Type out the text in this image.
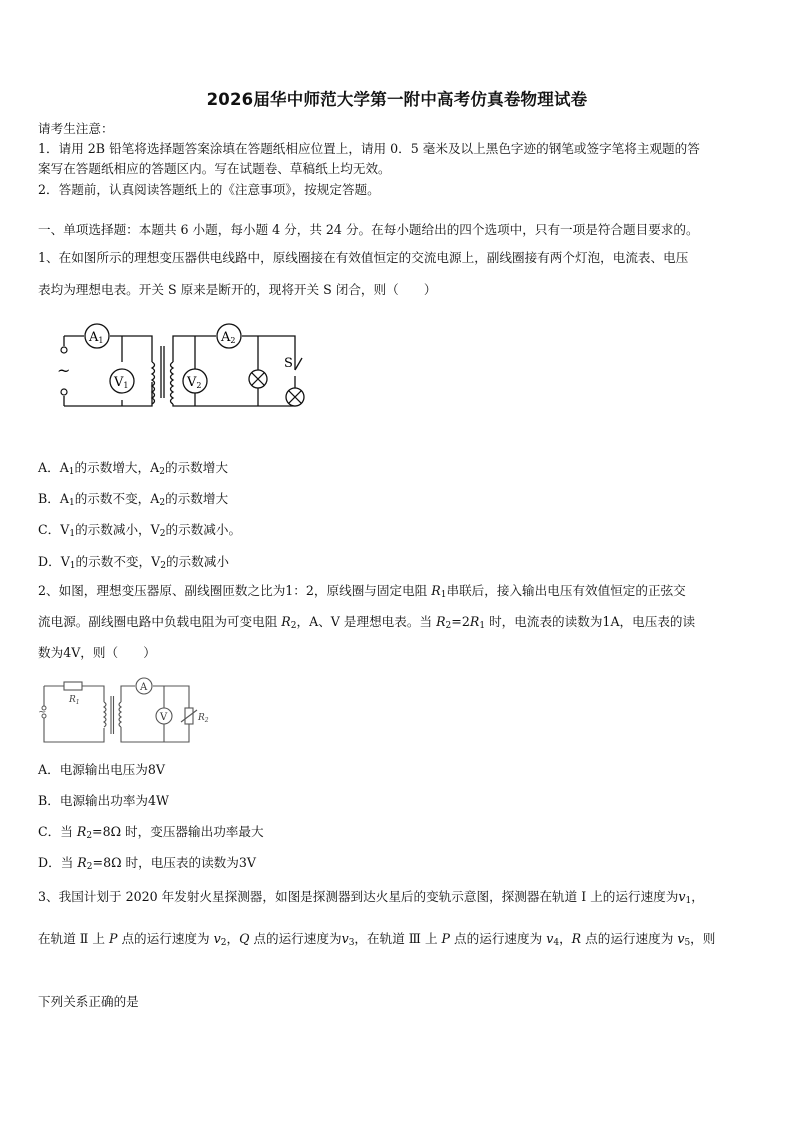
2026届华中师范大学第一附中高考仿真卷物理试卷
请考生注意：
1．请用 2B 铅笔将选择题答案涂填在答题纸相应位置上，请用 0．5 毫米及以上黑色字迹的钢笔或签字笔将主观题的答
案写在答题纸相应的答题区内。写在试题卷、草稿纸上均无效。
2．答题前，认真阅读答题纸上的《注意事项》，按规定答题。
一、单项选择题：本题共 6 小题，每小题 4 分，共 24 分。在每小题给出的四个选项中，只有一项是符合题目要求的。
1、在如图所示的理想变压器供电线路中，原线圈接在有效值恒定的交流电源上，副线圈接有两个灯泡，电流表、电压
表均为理想电表。开关 S 原来是断开的，现将开关 S 闭合，则（　　）
~
A1
V1
A2
V2
S
A．$A_1$的示数增大，$A_2$的示数增大
B．$A_1$的示数不变，$A_2$的示数增大
C．$V_1$的示数减小，$V_2$的示数减小。
D．$V_1$的示数不变，$V_2$的示数减小
2、如图，理想变压器原、副线圈匝数之比为1：2，原线圈与固定电阻 $R_1$串联后，接入输出电压有效值恒定的正弦交
流电源。副线圈电路中负载电阻为可变电阻 $R_2$，A、V 是理想电表。当 $R_2=2R_1$ 时，电流表的读数为1A，电压表的读
数为4V，则（　　）
~
$R_1$
A
V	$R_2$
A．电源输出电压为8V
B．电源输出功率为4W
C．当 $R_2=8\Omega$ 时，变压器输出功率最大
D．当 $R_2=8\Omega$ 时，电压表的读数为3V
3、我国计划于 2020 年发射火星探测器，如图是探测器到达火星后的变轨示意图，探测器在轨道 Ⅰ 上的运行速度为$v_1$，
在轨道 Ⅱ 上 P 点的运行速度为 $v_2$，Q 点的运行速度为$v_3$，在轨道 Ⅲ 上 P 点的运行速度为 $v_4$，R 点的运行速度为 $v_5$，则
下列关系正确的是
